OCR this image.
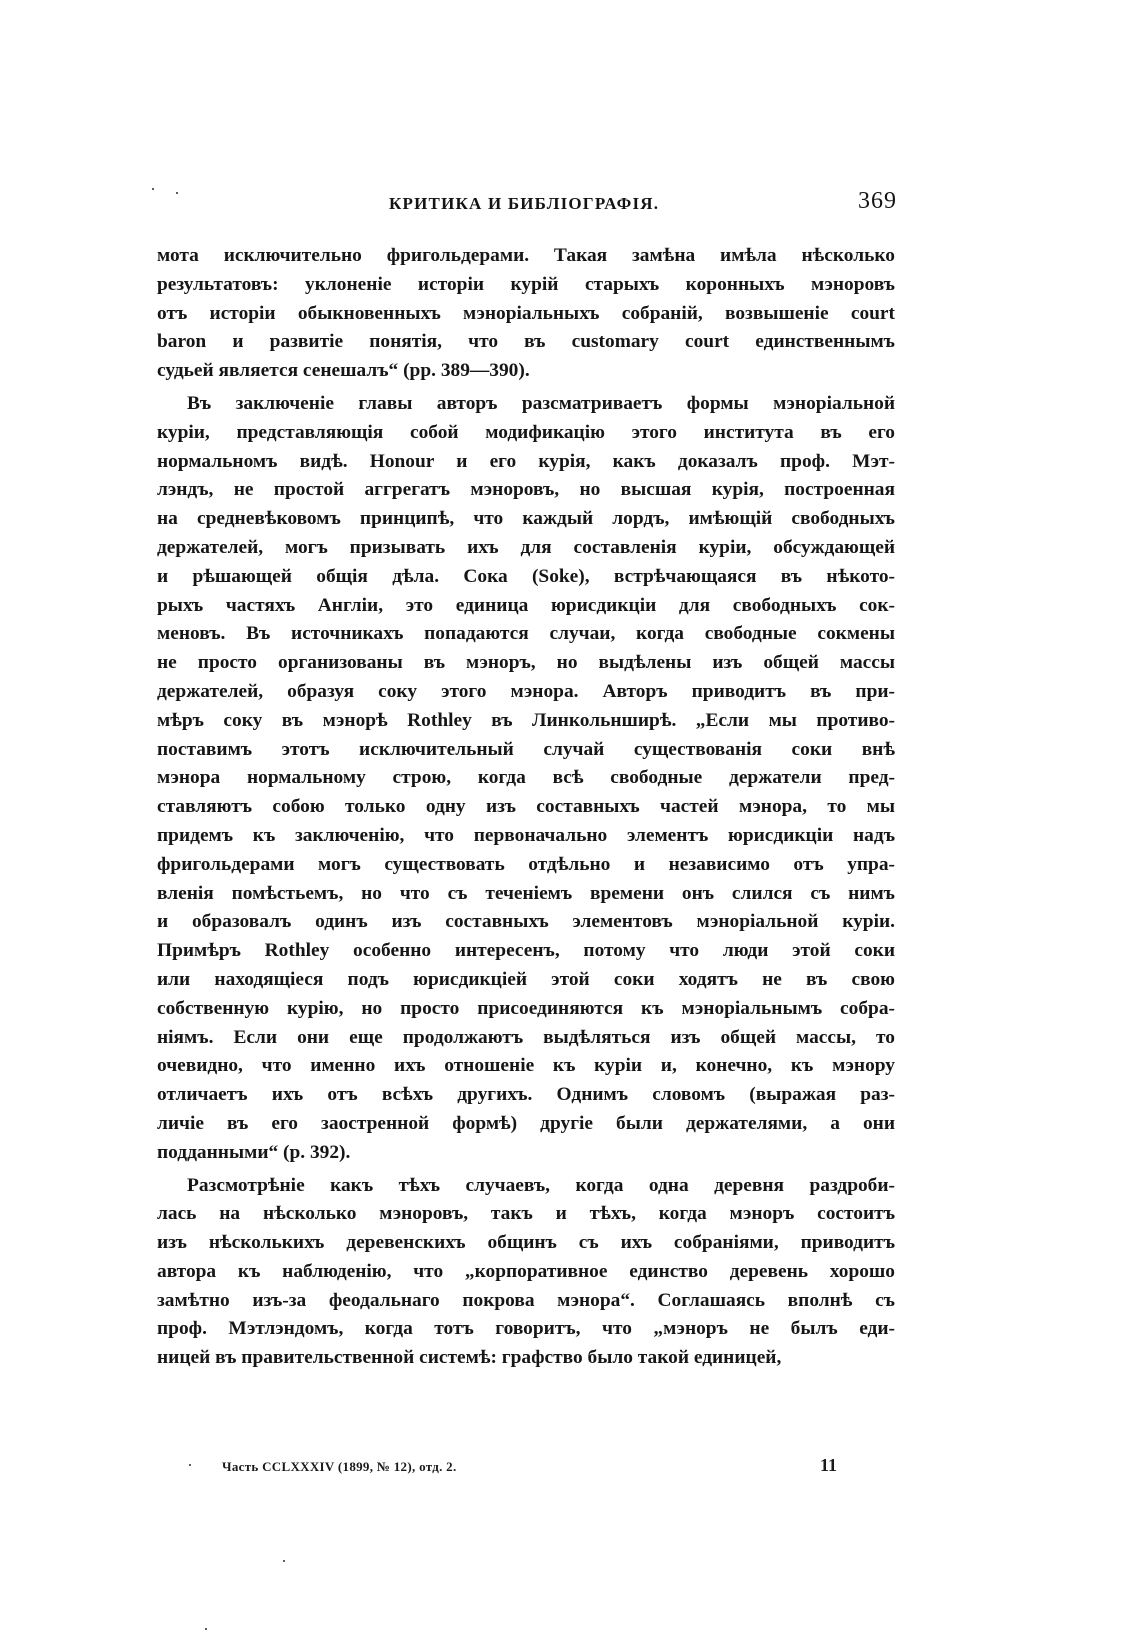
КРИТИКА И БИБЛІОГРАФІЯ.	369

мота исключительно фригольдерами. Такая замѣна имѣла нѣсколько
результатовъ: уклоненіе исторіи курій старыхъ коронныхъ мэноровъ
отъ исторіи обыкновенныхъ мэноріальныхъ собраній, возвышеніе court
baron и развитіе понятія, что въ customary court единственнымъ
судьей является сенешалъ“ (pp. 389—390).

Въ заключеніе главы авторъ разсматриваетъ формы мэноріальной
куріи, представляющія собой модификацію этого института въ его
нормальномъ видѣ. Honour и его курія, какъ доказалъ проф. Мэт-
лэндъ, не простой аггрегатъ мэноровъ, но высшая курія, построенная
на средневѣковомъ принципѣ, что каждый лордъ, имѣющій свободныхъ
держателей, могъ призывать ихъ для составленія куріи, обсуждающей
и рѣшающей общія дѣла. Сока (Soke), встрѣчающаяся въ нѣкото-
рыхъ частяхъ Англіи, это единица юрисдикціи для свободныхъ сок-
меновъ. Въ источникахъ попадаются случаи, когда свободные сокмены
не просто организованы въ мэноръ, но выдѣлены изъ общей массы
держателей, образуя соку этого мэнора. Авторъ приводитъ въ при-
мѣръ соку въ мэнорѣ Rothley въ Линкольнширѣ. „Если мы противо-
поставимъ этотъ исключительный случай существованія соки внѣ
мэнора нормальному строю, когда всѣ свободные держатели пред-
ставляютъ собою только одну изъ составныхъ частей мэнора, то мы
придемъ къ заключенію, что первоначально элементъ юрисдикціи надъ
фригольдерами могъ существовать отдѣльно и независимо отъ упра-
вленія помѣстьемъ, но что съ теченіемъ времени онъ слился съ нимъ
и образовалъ одинъ изъ составныхъ элементовъ мэноріальной куріи.
Примѣръ Rothley особенно интересенъ, потому что люди этой соки
или находящіеся подъ юрисдикціей этой соки ходятъ не въ свою
собственную курію, но просто присоединяются къ мэноріальнымъ собра-
ніямъ. Если они еще продолжаютъ выдѣляться изъ общей массы, то
очевидно, что именно ихъ отношеніе къ куріи и, конечно, къ мэнору
отличаетъ ихъ отъ всѣхъ другихъ. Однимъ словомъ (выражая раз-
личіе въ его заостренной формѣ) другіе были держателями, а они
подданными“ (p. 392).

Разсмотрѣніе какъ тѣхъ случаевъ, когда одна деревня раздроби-
лась на нѣсколько мэноровъ, такъ и тѣхъ, когда мэноръ состоитъ
изъ нѣсколькихъ деревенскихъ общинъ съ ихъ собраніями, приводитъ
автора къ наблюденію, что „корпоративное единство деревень хорошо
замѣтно изъ-за феодальнаго покрова мэнора“. Соглашаясь вполнѣ съ
проф. Мэтлэндомъ, когда тотъ говоритъ, что „мэноръ не былъ еди-
ницей въ правительственной системѣ: графство было такой единицей,

Часть CCLXXXIV (1899, № 12), отд. 2.	11
